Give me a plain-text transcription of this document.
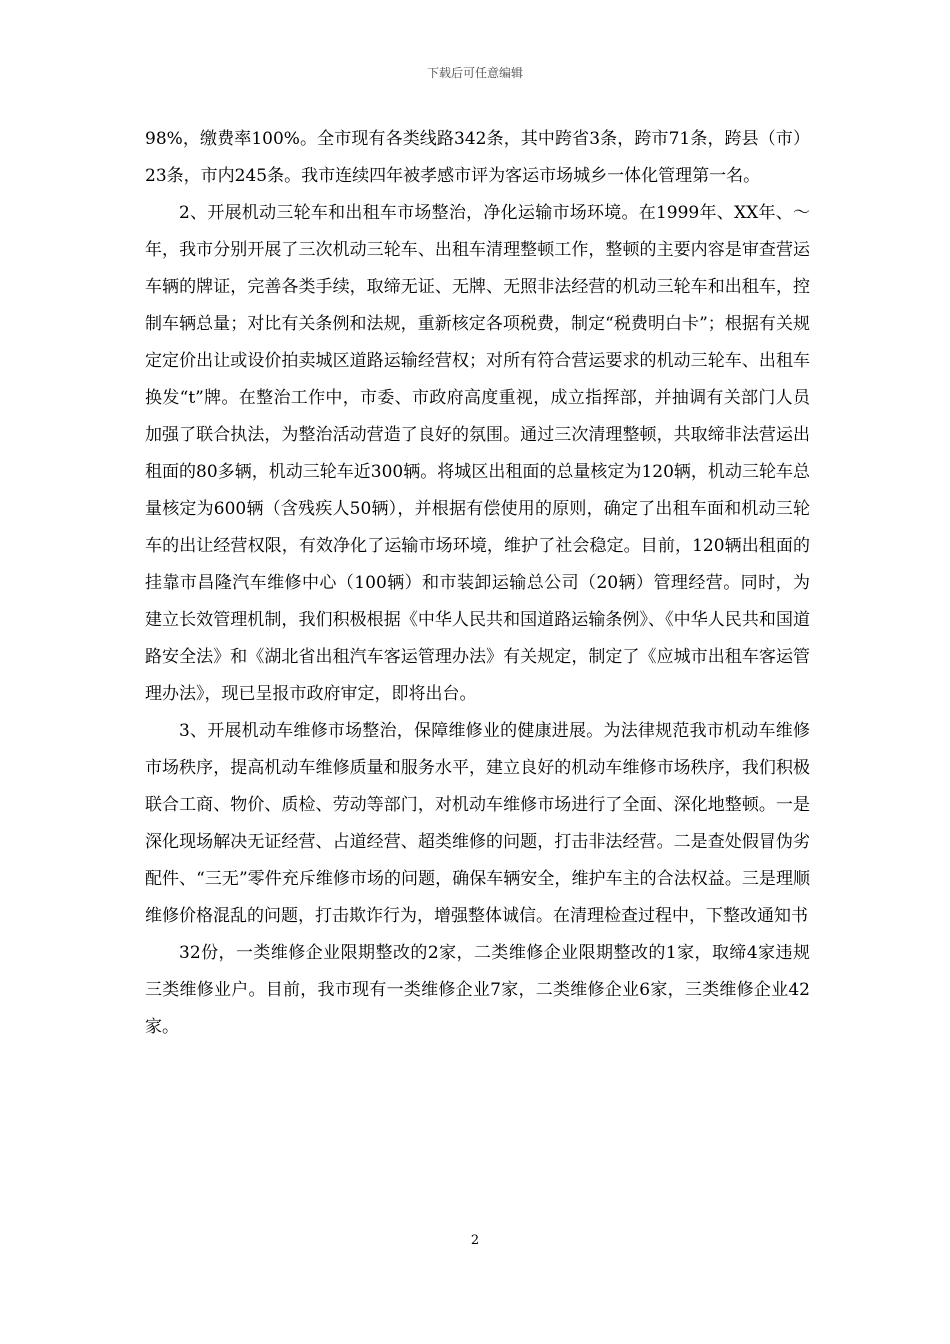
下载后可任意编辑

98%，缴费率100%。全市现有各类线路342条，其中跨省3条，跨市71条，跨县（市）23条，市内245条。我市连续四年被孝感市评为客运市场城乡一体化管理第一名。

2、开展机动三轮车和出租车市场整治，净化运输市场环境。在1999年、XX年、～年，我市分别开展了三次机动三轮车、出租车清理整顿工作，整顿的主要内容是审查营运车辆的牌证，完善各类手续，取缔无证、无牌、无照非法经营的机动三轮车和出租车，控制车辆总量；对比有关条例和法规，重新核定各项税费，制定“税费明白卡”；根据有关规定定价出让或设价拍卖城区道路运输经营权；对所有符合营运要求的机动三轮车、出租车换发“t”牌。在整治工作中，市委、市政府高度重视，成立指挥部，并抽调有关部门人员加强了联合执法，为整治活动营造了良好的氛围。通过三次清理整顿，共取缔非法营运出租面的80多辆，机动三轮车近300辆。将城区出租面的总量核定为120辆，机动三轮车总量核定为600辆（含残疾人50辆），并根据有偿使用的原则，确定了出租车面和机动三轮车的出让经营权限，有效净化了运输市场环境，维护了社会稳定。目前，120辆出租面的挂靠市昌隆汽车维修中心（100辆）和市装卸运输总公司（20辆）管理经营。同时，为建立长效管理机制，我们积极根据《中华人民共和国道路运输条例》、《中华人民共和国道路安全法》和《湖北省出租汽车客运管理办法》有关规定，制定了《应城市出租车客运管理办法》，现已呈报市政府审定，即将出台。

3、开展机动车维修市场整治，保障维修业的健康进展。为法律规范我市机动车维修市场秩序，提高机动车维修质量和服务水平，建立良好的机动车维修市场秩序，我们积极联合工商、物价、质检、劳动等部门，对机动车维修市场进行了全面、深化地整顿。一是深化现场解决无证经营、占道经营、超类维修的问题，打击非法经营。二是查处假冒伪劣配件、“三无”零件充斥维修市场的问题，确保车辆安全，维护车主的合法权益。三是理顺维修价格混乱的问题，打击欺诈行为，增强整体诚信。在清理检查过程中，下整改通知书

32份，一类维修企业限期整改的2家，二类维修企业限期整改的1家，取缔4家违规三类维修业户。目前，我市现有一类维修企业7家，二类维修企业6家，三类维修企业42家。

2
